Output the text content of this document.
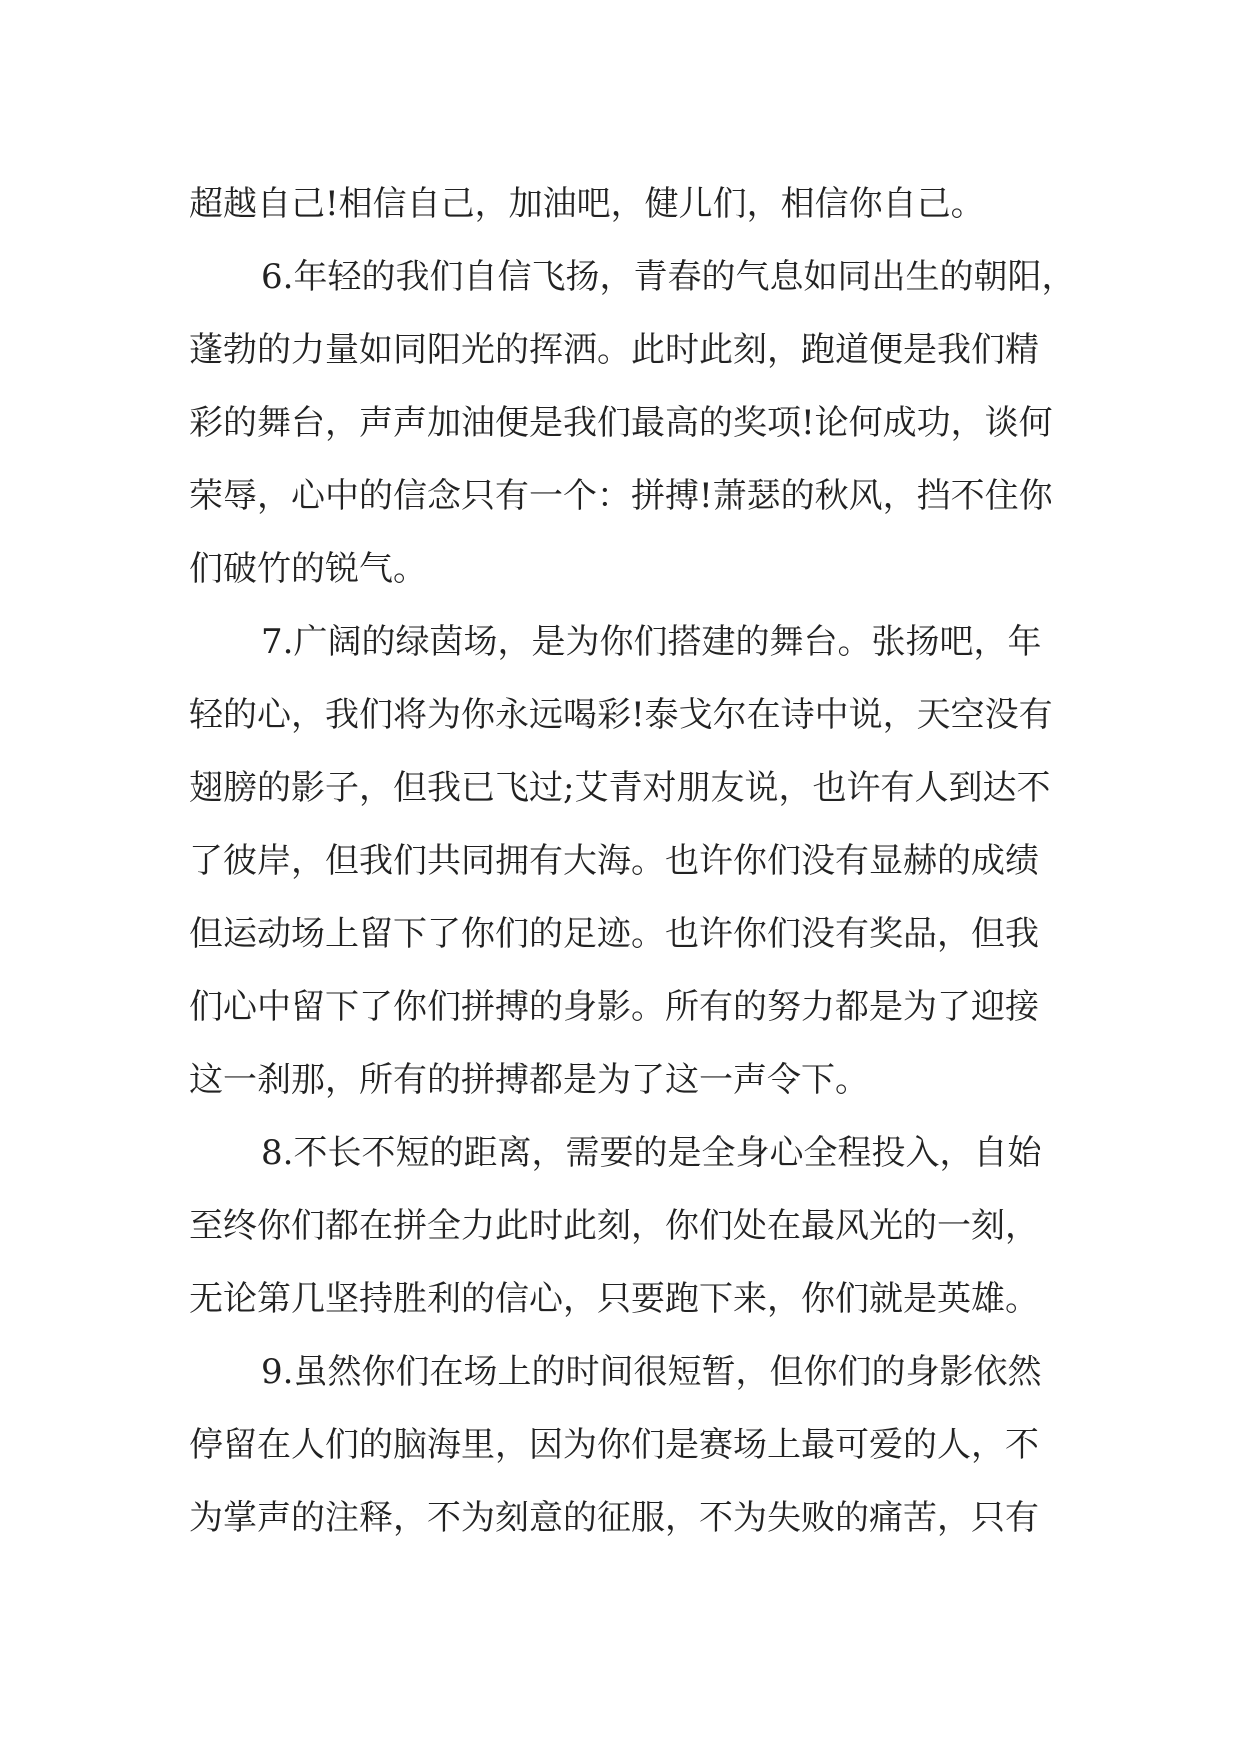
超越自己!相信自己，加油吧，健儿们，相信你自己。
6.年轻的我们自信飞扬，青春的气息如同出生的朝阳，
蓬勃的力量如同阳光的挥洒。此时此刻，跑道便是我们精
彩的舞台，声声加油便是我们最高的奖项!论何成功，谈何
荣辱，心中的信念只有一个：拼搏!萧瑟的秋风，挡不住你
们破竹的锐气。
7.广阔的绿茵场，是为你们搭建的舞台。张扬吧，年
轻的心，我们将为你永远喝彩!泰戈尔在诗中说，天空没有
翅膀的影子，但我已飞过;艾青对朋友说，也许有人到达不
了彼岸，但我们共同拥有大海。也许你们没有显赫的成绩
但运动场上留下了你们的足迹。也许你们没有奖品，但我
们心中留下了你们拼搏的身影。所有的努力都是为了迎接
这一刹那，所有的拼搏都是为了这一声令下。
8.不长不短的距离，需要的是全身心全程投入，自始
至终你们都在拼全力此时此刻，你们处在最风光的一刻，
无论第几坚持胜利的信心，只要跑下来，你们就是英雄。
9.虽然你们在场上的时间很短暂，但你们的身影依然
停留在人们的脑海里，因为你们是赛场上最可爱的人，不
为掌声的注释，不为刻意的征服，不为失败的痛苦，只有
